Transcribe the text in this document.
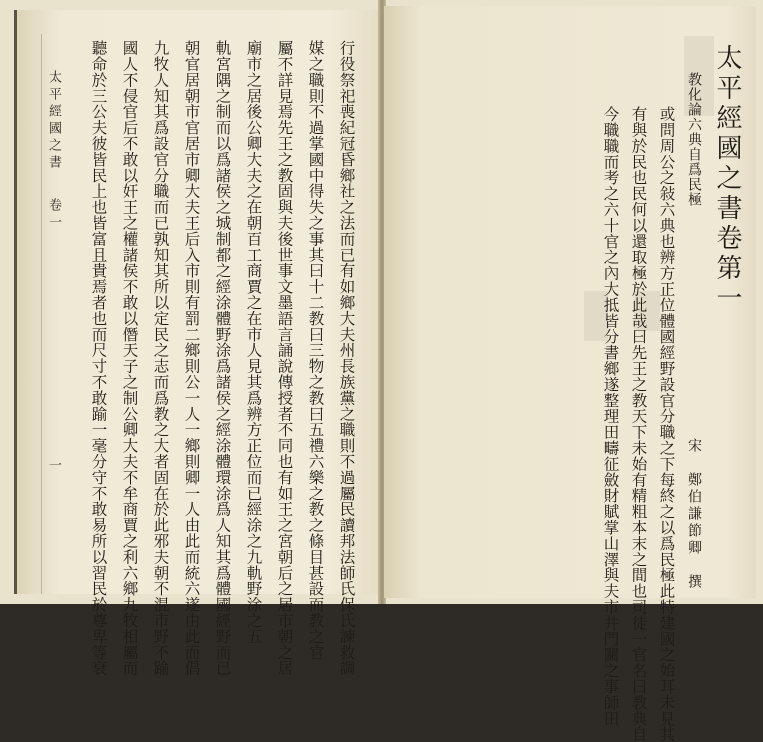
行役祭祀喪紀冠昏鄉社之法而已有如鄉大夫州長族黨之職則不過屬民讀邦法師氏保氏諫救調
媒之職則不過掌國中得失之事其曰十二教曰三物之教曰五禮六樂之教之條目甚設而教之官
屬不詳見焉先王之教固與夫後世事文墨語言誦說傳授者不同也有如王之宮朝后之居市朝之居
廟市之居後公卿大夫之在朝百工商賈之在市人見其爲辨方正位而已經涂之九軌野涂之五
軌宮隅之制而以爲諸侯之城制都之經涂體野涂爲諸侯之經涂體環涂爲人知其爲體國經野而已
朝官居朝市官居市卿大夫王后入市則有罰二鄉則公一人一鄉則卿一人由此而統六遂由此而倡
九牧人知其爲設官分職而已孰知其所以定民之志而爲教之大者固在於此邪夫朝不混市野不踰
國人不侵官后不敢以奸王之權諸侯不敢以僭天子之制公卿大夫不牟商賈之利六鄉九牧相屬而
聽命於三公夫彼皆民上也皆富且貴焉者也而尺寸不敢踰一毫分守不敢易所以習民於尊卑等衰
太平經國之書
卷一
一
太平經國之書卷第一
教化論六典自爲民極
宋　鄭伯謙節卿　撰
或問周公之敍六典也辨方正位體國經野設官分職之下每終之以爲民極此特建國之始耳未見其
有與於民也民何以還取極於此哉曰先王之教天下未始有精粗本末之間也司徒一官名曰教典自
今職職而考之六十官之內大抵皆分書鄉遂整理田疇征斂財賦掌山澤與夫市井門關之事師田
